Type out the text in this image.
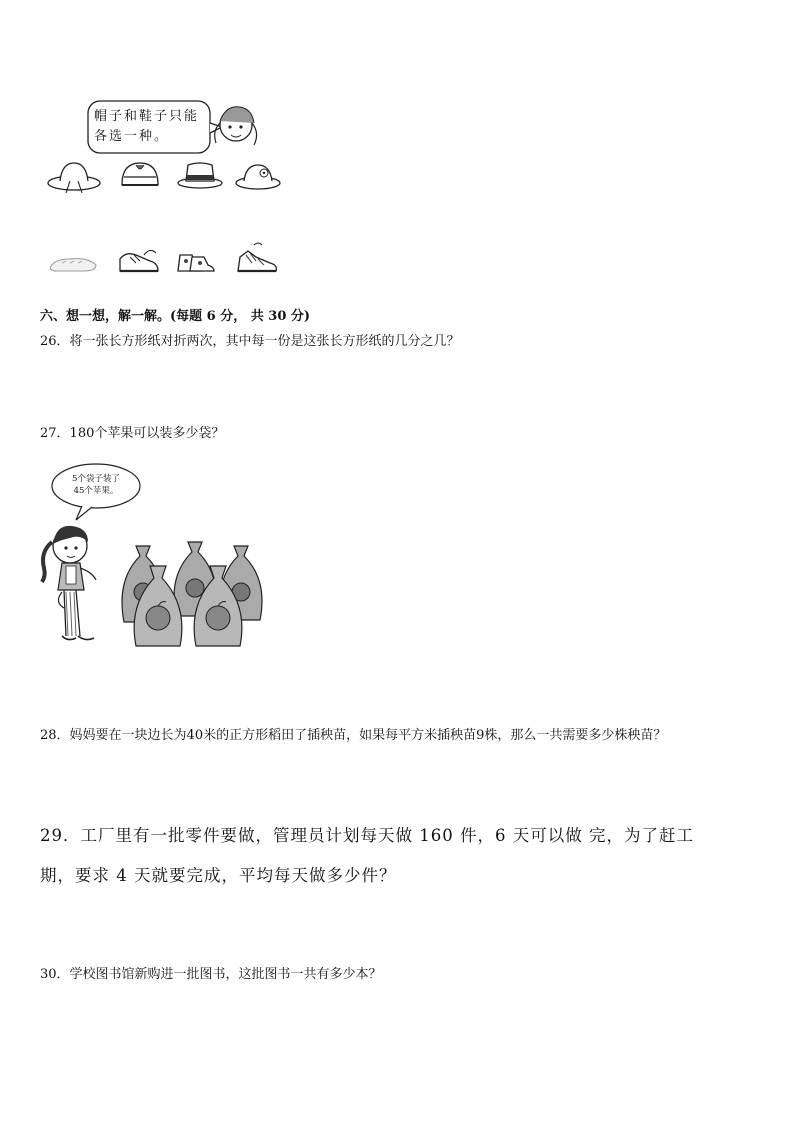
帽子和鞋子只能
各选一种。
六、想一想，解一解。(每题 6 分， 共 30 分)
26．将一张长方形纸对折两次，其中每一份是这张长方形纸的几分之几？
27．180个苹果可以装多少袋？
5个袋子装了
45个苹果。
28．妈妈要在一块边长为40米的正方形稻田了插秧苗，如果每平方米插秧苗9株，那么一共需要多少株秧苗？
29．工厂里有一批零件要做，管理员计划每天做 160 件，6 天可以做 完，为了赶工
期，要求 4 天就要完成，平均每天做多少件？
30．学校图书馆新购进一批图书，这批图书一共有多少本？
